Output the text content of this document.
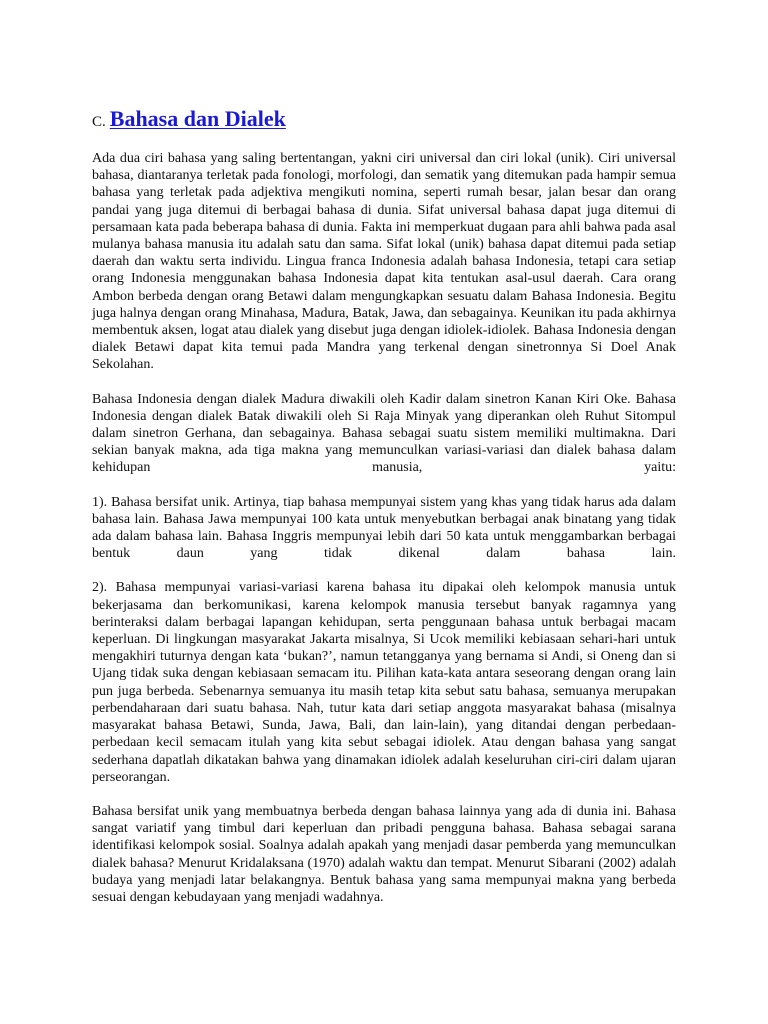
C. Bahasa dan Dialek

Ada dua ciri bahasa yang saling bertentangan, yakni ciri universal dan ciri lokal (unik). Ciri universal bahasa, diantaranya terletak pada fonologi, morfologi, dan sematik yang ditemukan pada hampir semua bahasa yang terletak pada adjektiva mengikuti nomina, seperti rumah besar, jalan besar dan orang pandai yang juga ditemui di berbagai bahasa di dunia. Sifat universal bahasa dapat juga ditemui di persamaan kata pada beberapa bahasa di dunia. Fakta ini memperkuat dugaan para ahli bahwa pada asal mulanya bahasa manusia itu adalah satu dan sama. Sifat lokal (unik) bahasa dapat ditemui pada setiap daerah dan waktu serta individu. Lingua franca Indonesia adalah bahasa Indonesia, tetapi cara setiap orang Indonesia menggunakan bahasa Indonesia dapat kita tentukan asal-usul daerah. Cara orang Ambon berbeda dengan orang Betawi dalam mengungkapkan sesuatu dalam Bahasa Indonesia. Begitu juga halnya dengan orang Minahasa, Madura, Batak, Jawa, dan sebagainya. Keunikan itu pada akhirnya membentuk aksen, logat atau dialek yang disebut juga dengan idiolek-idiolek. Bahasa Indonesia dengan dialek Betawi dapat kita temui pada Mandra yang terkenal dengan sinetronnya Si Doel Anak Sekolahan.

Bahasa Indonesia dengan dialek Madura diwakili oleh Kadir dalam sinetron Kanan Kiri Oke. Bahasa Indonesia dengan dialek Batak diwakili oleh Si Raja Minyak yang diperankan oleh Ruhut Sitompul dalam sinetron Gerhana, dan sebagainya. Bahasa sebagai suatu sistem memiliki multimakna. Dari sekian banyak makna, ada tiga makna yang memunculkan variasi-variasi dan dialek bahasa dalam kehidupan manusia, yaitu:

1). Bahasa bersifat unik. Artinya, tiap bahasa mempunyai sistem yang khas yang tidak harus ada dalam bahasa lain. Bahasa Jawa mempunyai 100 kata untuk menyebutkan berbagai anak binatang yang tidak ada dalam bahasa lain. Bahasa Inggris mempunyai lebih dari 50 kata untuk menggambarkan berbagai bentuk daun yang tidak dikenal dalam bahasa lain.

2). Bahasa mempunyai variasi-variasi karena bahasa itu dipakai oleh kelompok manusia untuk bekerjasama dan berkomunikasi, karena kelompok manusia tersebut banyak ragamnya yang berinteraksi dalam berbagai lapangan kehidupan, serta penggunaan bahasa untuk berbagai macam keperluan. Di lingkungan masyarakat Jakarta misalnya, Si Ucok memiliki kebiasaan sehari-hari untuk mengakhiri tuturnya dengan kata ‘bukan?’, namun tetangganya yang bernama si Andi, si Oneng dan si Ujang tidak suka dengan kebiasaan semacam itu. Pilihan kata-kata antara seseorang dengan orang lain pun juga berbeda. Sebenarnya semuanya itu masih tetap kita sebut satu bahasa, semuanya merupakan perbendaharaan dari suatu bahasa. Nah, tutur kata dari setiap anggota masyarakat bahasa (misalnya masyarakat bahasa Betawi, Sunda, Jawa, Bali, dan lain-lain), yang ditandai dengan perbedaan-perbedaan kecil semacam itulah yang kita sebut sebagai idiolek. Atau dengan bahasa yang sangat sederhana dapatlah dikatakan bahwa yang dinamakan idiolek adalah keseluruhan ciri-ciri dalam ujaran perseorangan.

Bahasa bersifat unik yang membuatnya berbeda dengan bahasa lainnya yang ada di dunia ini. Bahasa sangat variatif yang timbul dari keperluan dan pribadi pengguna bahasa. Bahasa sebagai sarana identifikasi kelompok sosial. Soalnya adalah apakah yang menjadi dasar pemberda yang memunculkan dialek bahasa? Menurut Kridalaksana (1970) adalah waktu dan tempat. Menurut Sibarani (2002) adalah budaya yang menjadi latar belakangnya. Bentuk bahasa yang sama mempunyai makna yang berbeda sesuai dengan kebudayaan yang menjadi wadahnya.
